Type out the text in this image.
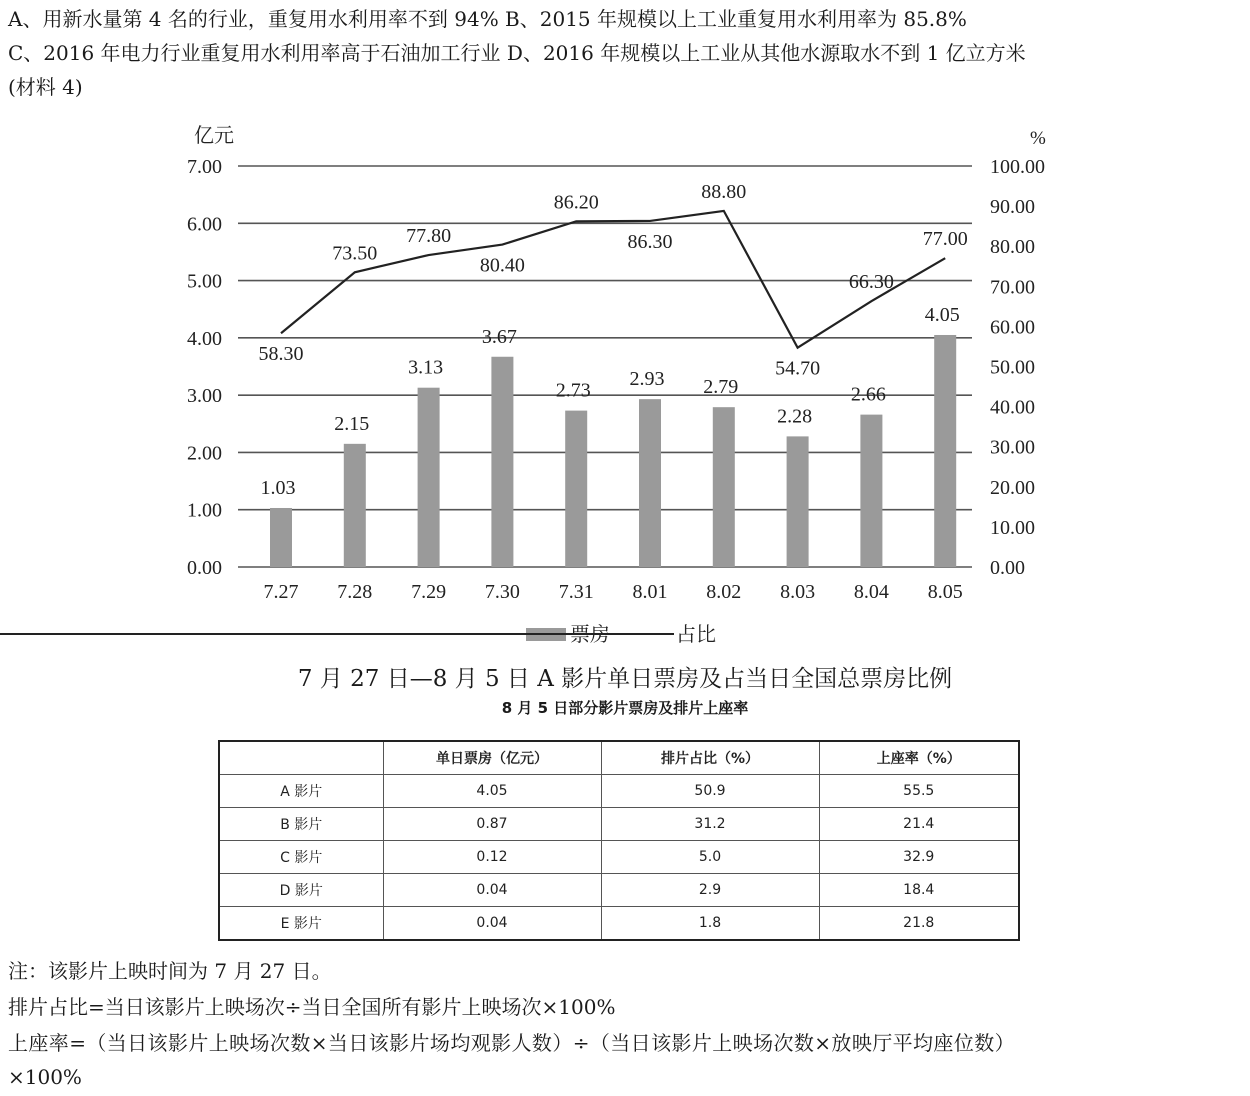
A、用新水量第 4 名的行业，重复用水利用率不到 94% B、2015 年规模以上工业重复用水利用率为 85.8%
C、2016 年电力行业重复用水利用率高于石油加工行业 D、2016 年规模以上工业从其他水源取水不到 1 亿立方米
(材料 4)
1.03
2.15
3.13
3.67
2.73
2.93 2.79
2.28
2.66
4.05
58.30
73.50
77.80
80.40
86.20
86.30
88.80
54.70
66.30
77.00
0.00
1.00
2.00
3.00
4.00
5.00
6.00
7.00
0.00
10.00
20.00
30.00
40.00
50.00
60.00
70.00
80.00
90.00
100.00
7.27 7.28 7.29 7.30 7.31 8.01 8.02 8.03 8.04 8.05
亿元	%
票房	占比
7 月 27 日—8 月 5 日 A 影片单日票房及占当日全国总票房比例
8 月 5 日部分影片票房及排片上座率
	单日票房（亿元）	排片占比（%）	上座率（%）
A 影片	4.05	50.9	55.5
B 影片	0.87	31.2	21.4
C 影片	0.12	5.0	32.9
D 影片	0.04	2.9	18.4
E 影片	0.04	1.8	21.8
注：该影片上映时间为 7 月 27 日。
排片占比=当日该影片上映场次÷当日全国所有影片上映场次×100%
上座率=（当日该影片上映场次数×当日该影片场均观影人数）÷（当日该影片上映场次数×放映厅平均座位数）
×100%
